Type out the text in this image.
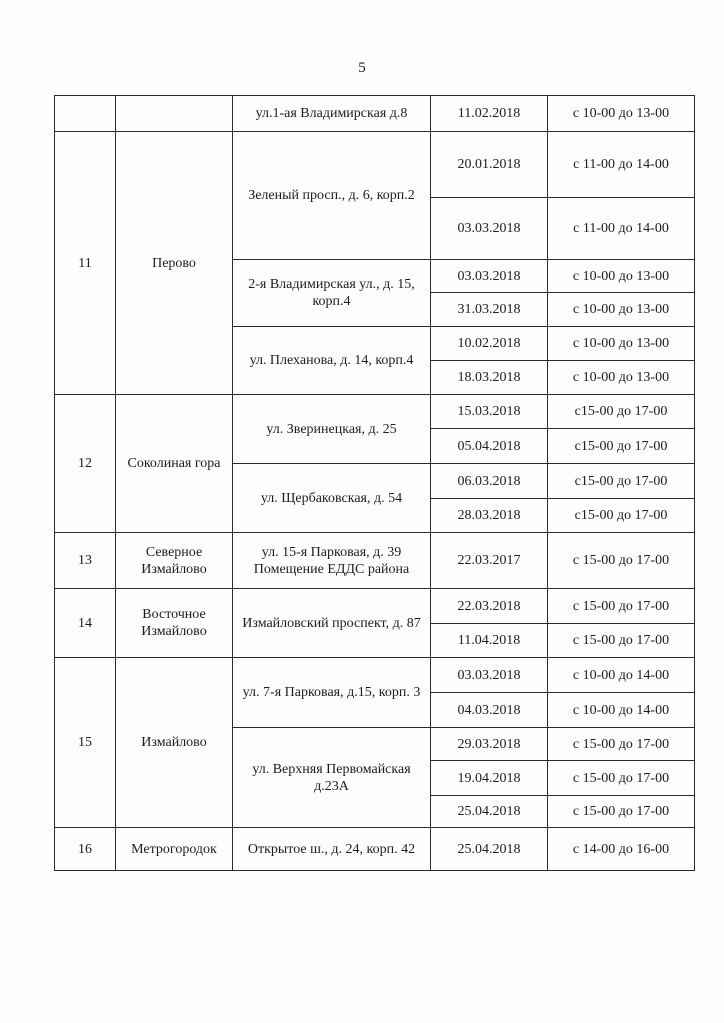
5
		ул.1-ая Владимирская д.8	11.02.2018	с 10-00 до 13-00
11	Перово	Зеленый просп., д. 6, корп.2	20.01.2018	с 11-00 до 14-00
			03.03.2018	с 11-00 до 14-00
		2-я Владимирская ул., д. 15, корп.4	03.03.2018	с 10-00 до 13-00
			31.03.2018	с 10-00 до 13-00
		ул. Плеханова, д. 14, корп.4	10.02.2018	с 10-00 до 13-00
			18.03.2018	с 10-00 до 13-00
12	Соколиная гора	ул. Зверинецкая, д. 25	15.03.2018	с15-00 до 17-00
			05.04.2018	с15-00 до 17-00
		ул. Щербаковская, д. 54	06.03.2018	с15-00 до 17-00
			28.03.2018	с15-00 до 17-00
13	Северное Измайлово	ул. 15-я Парковая, д. 39 Помещение ЕДДС района	22.03.2017	с 15-00 до 17-00
14	Восточное Измайлово	Измайловский проспект, д. 87	22.03.2018	с 15-00 до 17-00
			11.04.2018	с 15-00 до 17-00
15	Измайлово	ул. 7-я Парковая, д.15, корп. 3	03.03.2018	с 10-00 до 14-00
			04.03.2018	с 10-00 до 14-00
		ул. Верхняя Первомайская д.23А	29.03.2018	с 15-00 до 17-00
			19.04.2018	с 15-00 до 17-00
			25.04.2018	с 15-00 до 17-00
16	Метрогородок	Открытое ш., д. 24, корп. 42	25.04.2018	с 14-00 до 16-00
